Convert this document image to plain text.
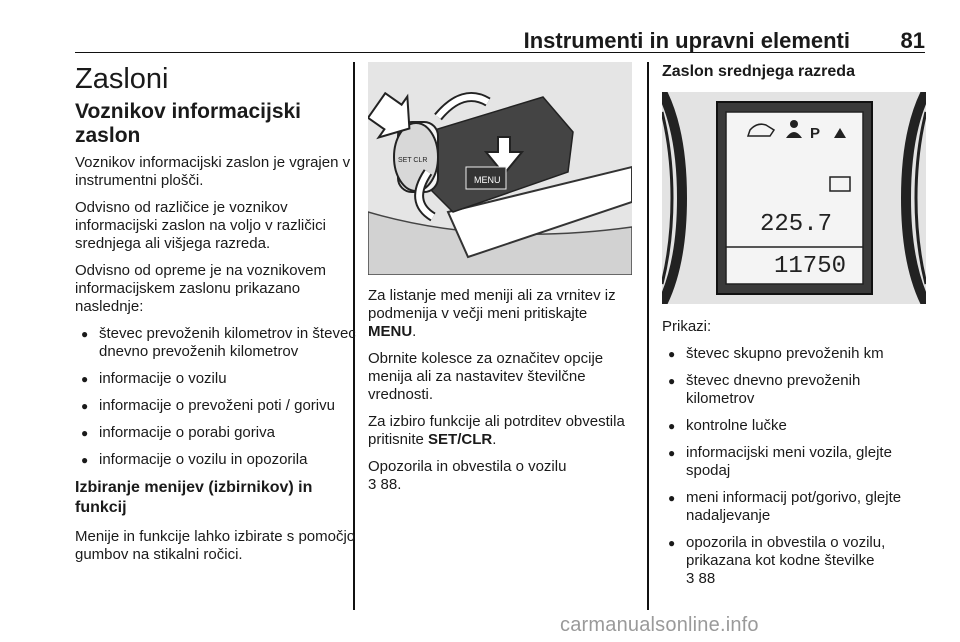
Instrumenti in upravni elementi 81
Zasloni
Voznikov informacijski zaslon

Voznikov informacijski zaslon je vgrajen v instrumentni plošči.

Odvisno od različice je voznikov informacijski zaslon na voljo v različici srednjega ali višjega razreda.

Odvisno od opreme je na voznikovem informacijskem zaslonu prikazano naslednje:

● števec prevoženih kilometrov in števec dnevno prevoženih kilometrov
● informacije o vozilu
● informacije o prevoženi poti / gorivu
● informacije o porabi goriva
● informacije o vozilu in opozorila
Izbiranje menijev (izbirnikov) in funkcij

Menije in funkcije lahko izbirate s pomočjo gumbov na stikalni ročici.

MENU
SET CLR

Za listanje med meniji ali za vrnitev iz podmenija v večji meni pritiskajte MENU.

Obrnite kolesce za označitev opcije menija ali za nastavitev številčne vrednosti.

Za izbiro funkcije ali potrditev obvestila pritisnite SET/CLR.

Opozorila in obvestila o vozilu
3 88.

Zaslon srednjega razreda
P
225.7
11750

Prikazi:

● števec skupno prevoženih km
● števec dnevno prevoženih kilometrov
● kontrolne lučke
● informacijski meni vozila, glejte spodaj
● meni informacij pot/gorivo, glejte nadaljevanje
● opozorila in obvestila o vozilu, prikazana kot kodne številke
3 88
carmanualsonline.info
